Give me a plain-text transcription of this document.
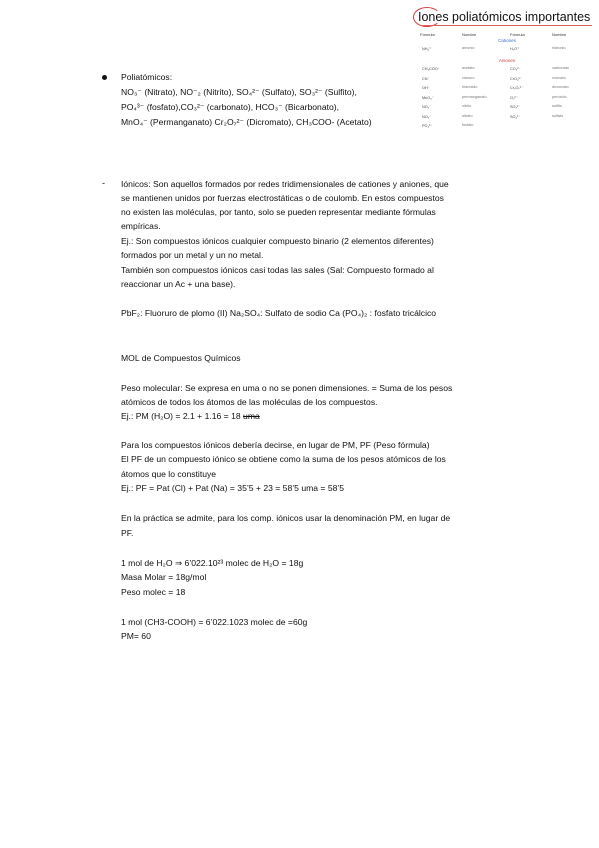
Iones poliatómicos importantes
Fórmula	Nombre	Fórmula	Nombre
Cationes
NH₄⁺	amonio	H₃O⁺	hidronio
Aniones
CH₃COO⁻	acetato	CO₃²⁻	carbonato
CN⁻	cianuro	CrO₄²⁻	cromato
OH⁻	hidróxido	Cr₂O₇²⁻	dicromato
MnO₄⁻	permanganato	O₂²⁻	peróxido
NO₂⁻	nitrito	SO₃²⁻	sulfito
NO₃⁻	nitrato	SO₄²⁻	sulfato
PO₄³⁻	fosfato
Poliatómicos:
NO₃⁻ (Nitrato), NO⁻₂ (Nitrito), SO₄²⁻ (Sulfato), SO₃²⁻ (Sulfito),
PO₄³⁻ (fosfato),CO₃²⁻ (carbonato), HCO₃⁻ (Bicarbonato),
MnO₄⁻ (Permanganato) Cr₂O₇²⁻ (Dicromato), CH₃COO- (Acetato)
- Iónicos: Son aquellos formados por redes tridimensionales de cationes y aniones, que
se mantienen unidos por fuerzas electrostáticas o de coulomb. En estos compuestos
no existen las moléculas, por tanto, solo se pueden representar mediante fórmulas
empíricas.
Ej.: Son compuestos iónicos cualquier compuesto binario (2 elementos diferentes)
formados por un metal y un no metal.
También son compuestos iónicos casi todas las sales (Sal: Compuesto formado al
reaccionar un Ac + una base).
PbF₂: Fluoruro de plomo (II) Na₂SO₄: Sulfato de sodio Ca (PO₄)₂ : fosfato tricálcico
MOL de Compuestos Químicos
Peso molecular: Se expresa en uma o no se ponen dimensiones. = Suma de los pesos
atómicos de todos los átomos de las moléculas de los compuestos.
Ej.: PM (H₂O) = 2.1 + 1.16 = 18 uma
Para los compuestos iónicos debería decirse, en lugar de PM, PF (Peso fórmula)
El PF de un compuesto iónico se obtiene como la suma de los pesos atómicos de los
átomos que lo constituye
Ej.: PF = Pat (Cl) + Pat (Na) = 35’5 + 23 = 58’5 uma = 58’5
En la práctica se admite, para los comp. iónicos usar la denominación PM, en lugar de
PF.
1 mol de H₂O ⇒ 6’022.10²³ molec de H₂O = 18g
Masa Molar = 18g/mol
Peso molec = 18
1 mol (CH3-COOH) = 6’022.1023 molec de =60g
PM= 60
